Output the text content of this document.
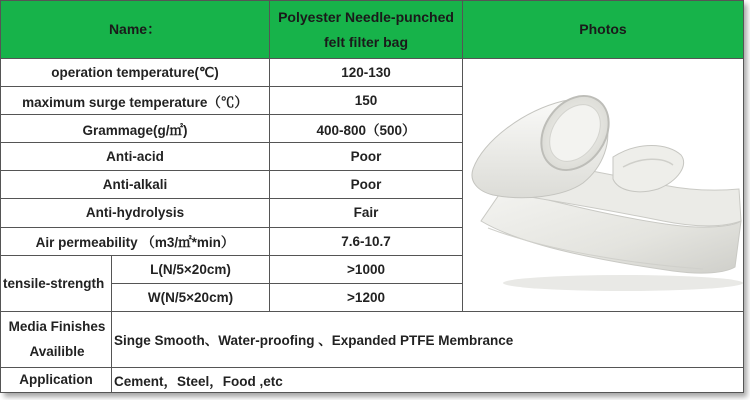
Name：		Polyester Needle-punched felt filter bag	Photos
operation temperature(℃)		120-130	

maximum surge temperature（℃）		150	
Grammage(g/㎡)		400-800（500）	
Anti-acid		Poor	
Anti-alkali		Poor	
Anti-hydrolysis		Fair	
Air permeability （m3/㎡*min）		7.6-10.7	
tensile-strength	L(N/5×20cm)	>1000	
	W(N/5×20cm)	>1200	
Media Finishes Availible	Singe Smooth、Water-proofing 、Expanded PTFE Membrance		
Application	Cement，Steel，Food ,etc		
